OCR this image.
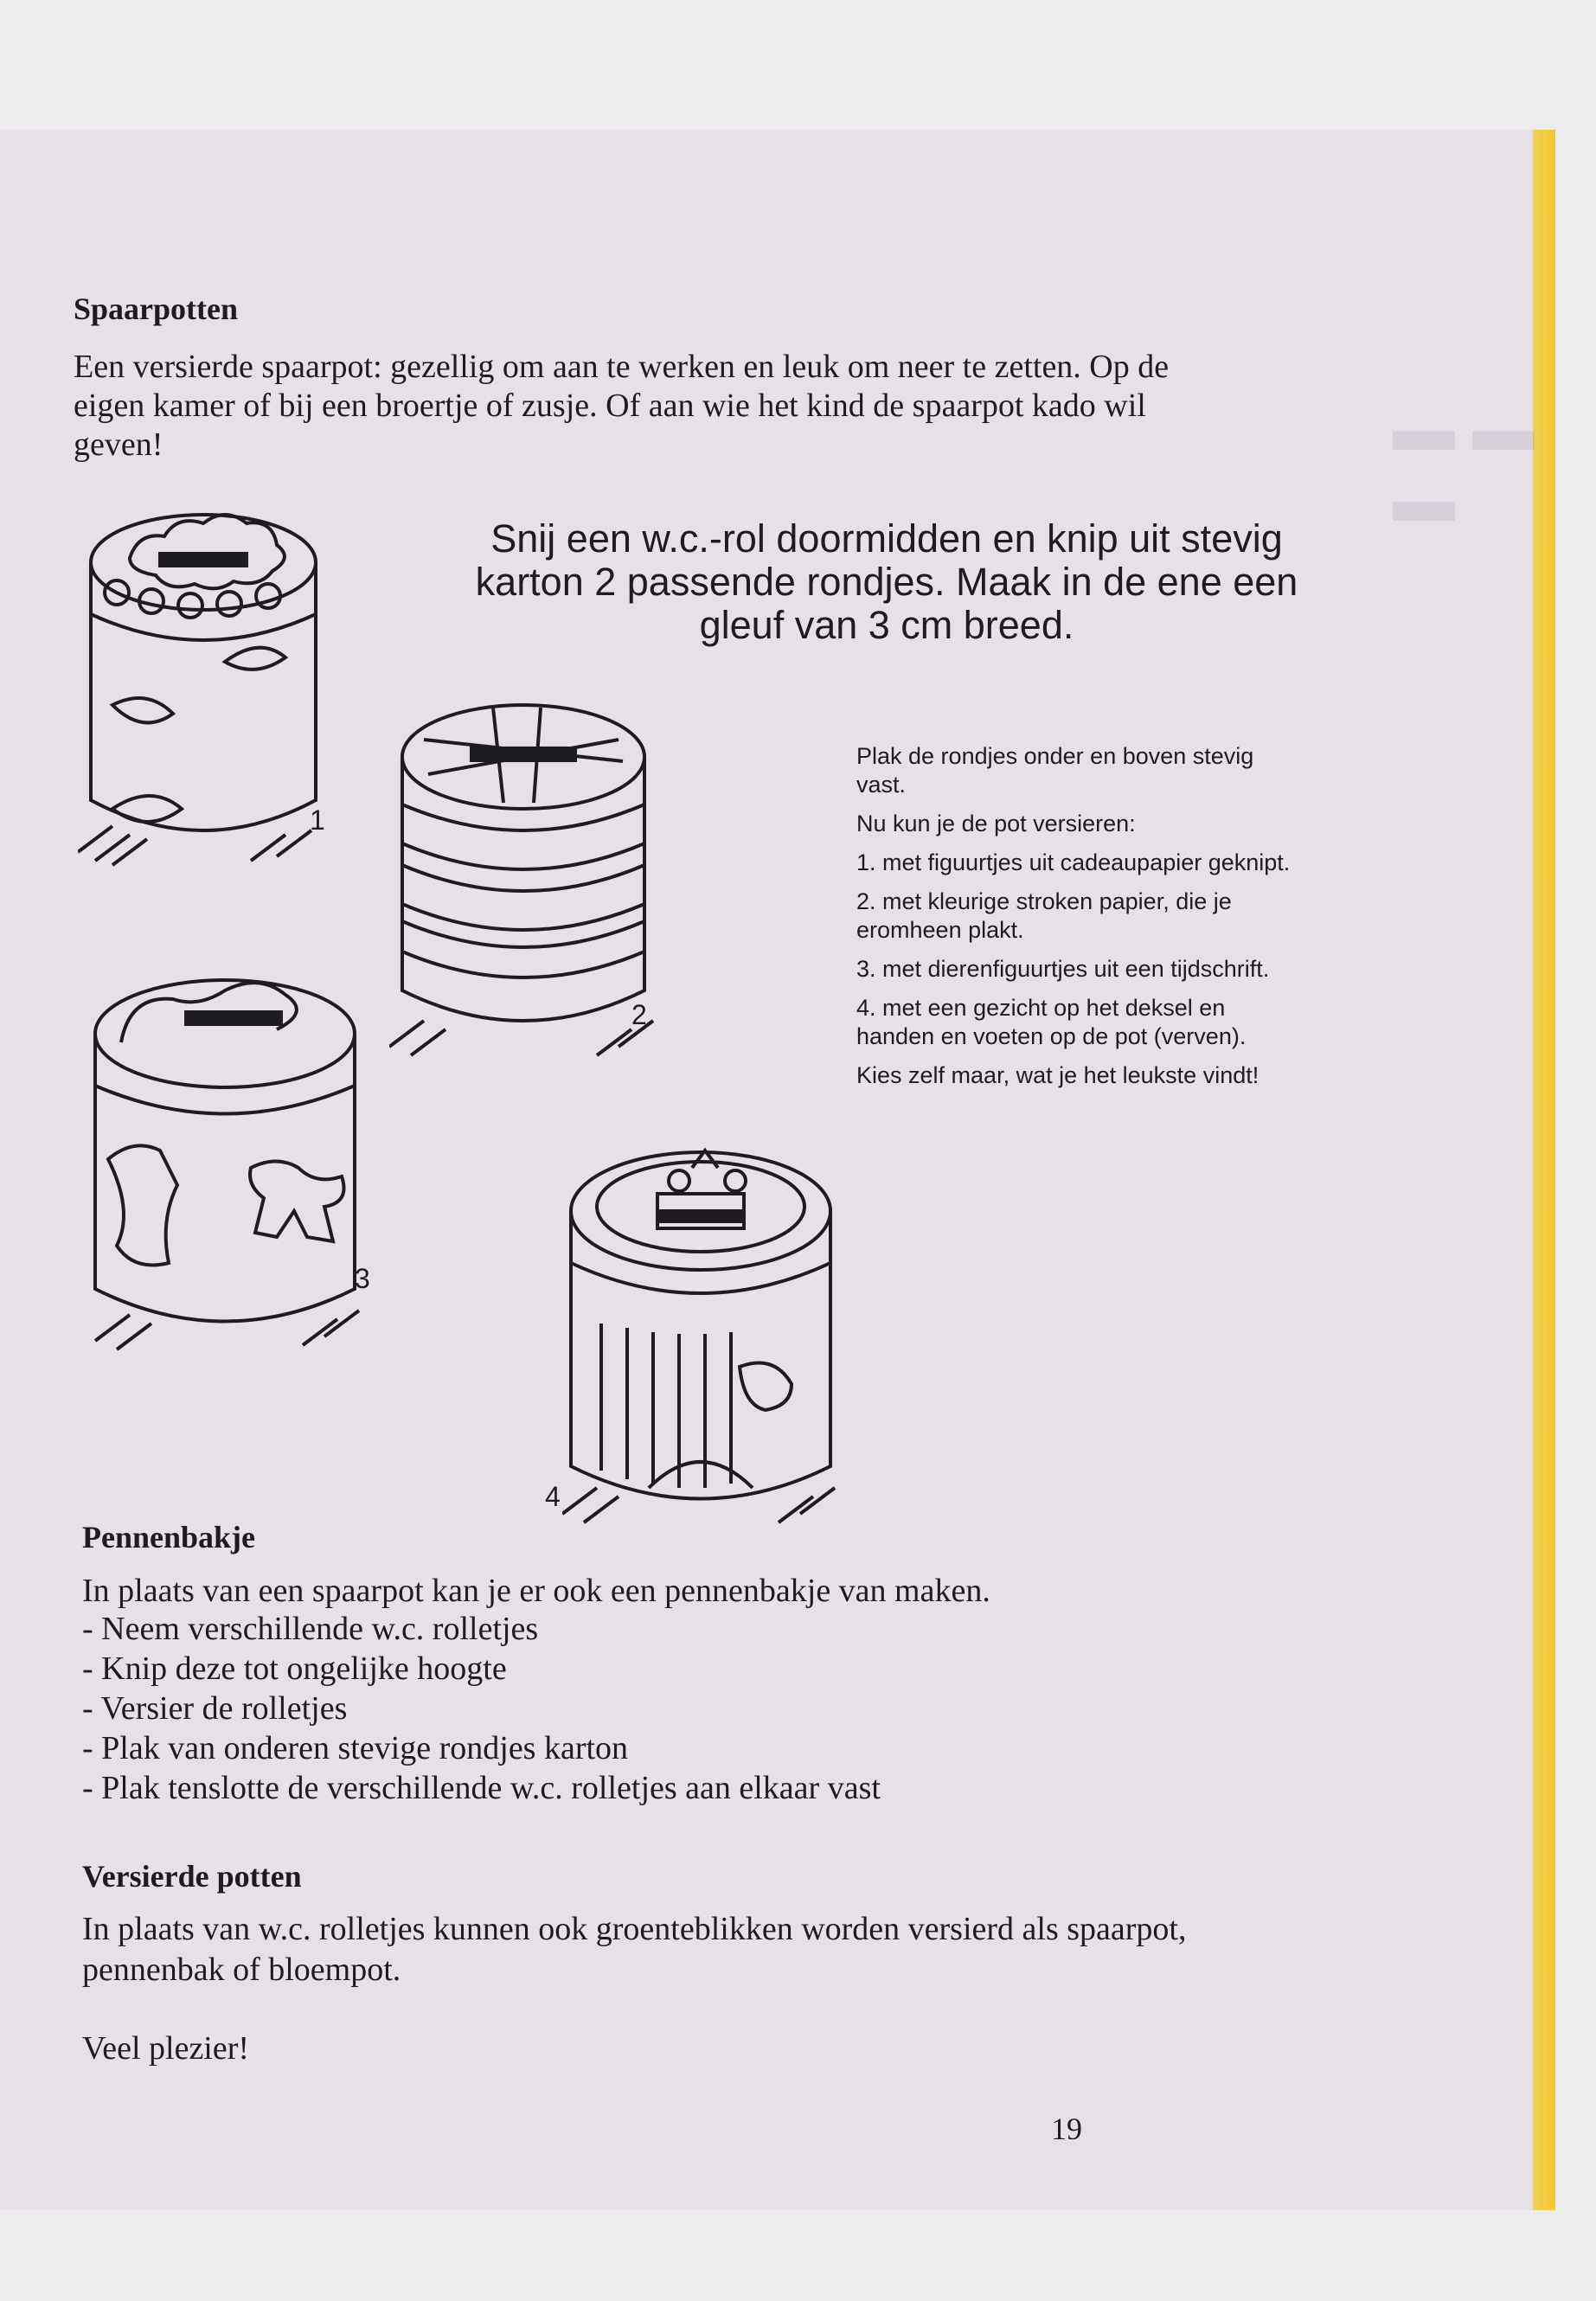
▬ ▬ ▬
Spaarpotten
Een versierde spaarpot: gezellig om aan te werken en leuk om neer te zetten. Op de
eigen kamer of bij een broertje of zusje. Of aan wie het kind de spaarpot kado wil
geven!
Snij een w.c.-rol doormidden en knip uit stevig
karton 2 passende rondjes. Maak in de ene een
gleuf van 3 cm breed.
Plak de rondjes onder en boven stevig vast.
Nu kun je de pot versieren:
1. met figuurtjes uit cadeaupapier geknipt.
2. met kleurige stroken papier, die je eromheen plakt.
3. met dierenfiguurtjes uit een tijdschrift.
4. met een gezicht op het deksel en handen en voeten op de pot (verven).
Kies zelf maar, wat je het leukste vindt!
1
2
3
4
Pennenbakje
In plaats van een spaarpot kan je er ook een pennenbakje van maken.
- Neem verschillende w.c. rolletjes
- Knip deze tot ongelijke hoogte
- Versier de rolletjes
- Plak van onderen stevige rondjes karton
- Plak tenslotte de verschillende w.c. rolletjes aan elkaar vast
Versierde potten
In plaats van w.c. rolletjes kunnen ook groenteblikken worden versierd als spaarpot,
pennenbak of bloempot.
Veel plezier!
19
